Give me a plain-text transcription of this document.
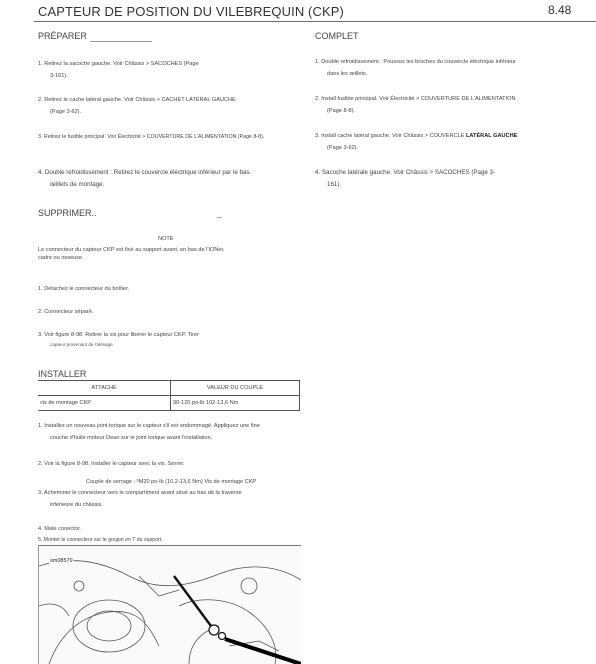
CAPTEUR DE POSITION DU VILEBREQUIN (CKP)	8.48
PRÉPARER
1. Retirez la sacoche gauche. Voir Châssis > SACOCHES (Page
3-161).
2. Retirez le cache latéral gauche. Voir Châssis > CACHET LATÉRAL GAUCHE
(Page 3-62).
3. Retirez le fusible principal. Voir Électricité > COUVERTURE DE L'ALIMENTATION (Page 8-8).
4. Double refroidissement : Retirez le couvercle électrique inférieur par le bas.
œillets de montage.
COMPLET
1. Double refroidissement : Poussez les broches du couvercle électrique inférieur
dans les œillets.
2. Install fusible principal. Voir Électricité > COUVERTURE DE L'ALIMENTATION
(Page 8-8).
3. Install cache latéral gauche. Voir Châssis > COUVERCLE LATÉRAL GAUCHE
(Page 3-62).
4. Sacoche latérale gauche. Voir Châssis > SACOCHES (Page 3-
161).
SUPPRIMER..	_
NOTE
Le connecteur du capteur CKP est fixé au support avant, en bas de l'IONer.
cadre ou osseuse.
1. Détachez le connecteur du boîtier.
2. Connecteur séparé.
3. Voir figure 8-98. Retirer la vis pour libérer le capteur CKP. Tirer
capteur provenant de l'alésage.
INSTALLER
ATTACHE	VALEUR DU COUPLE
vis de montage CKP	90-120 po-lb 102-13,6 Nm
1. Installez un nouveau joint torique sur le capteur s'il est endommagé. Appliquez une fine
couche d'huile moteur Dean sur le joint torique avant l'installation.
2. Voir la figure 8-98. Installer le capteur avec la vis. Serrer.
Couple de serrage : ºM20 po-lb (10,2-13,6 Nm) Vis de montage CKP
3. Acheminer le connecteur vers le compartiment avant situé au bas de la traverse
inférieure du châssis.
4. Mate conector.
5. Monter le connecteur sur le goujon en T du support.
sm08579
